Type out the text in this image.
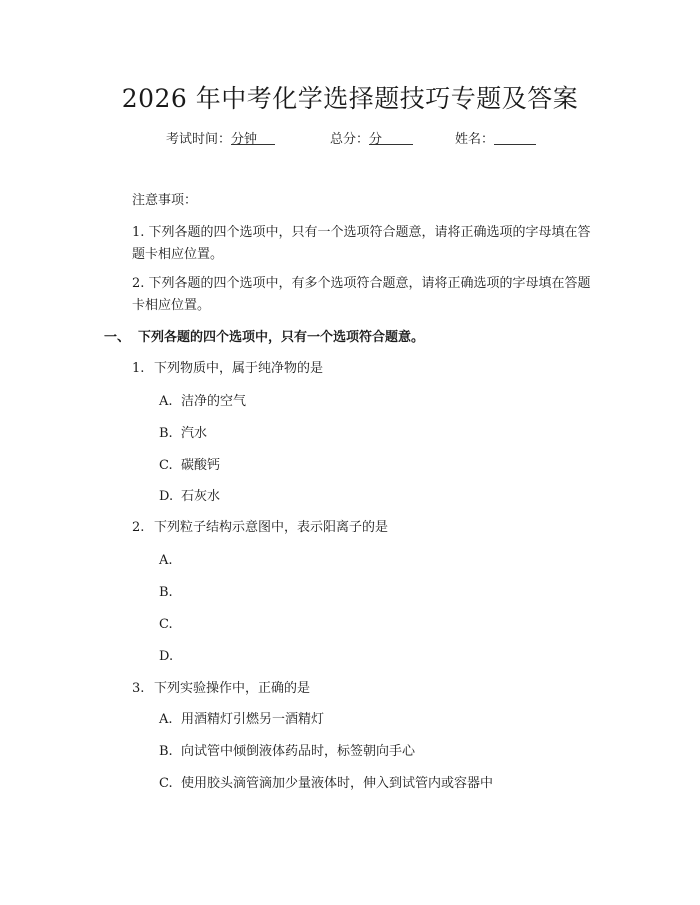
2026 年中考化学选择题技巧专题及答案
考试时间：
分钟	总分：
分	姓名：
注意事项：
1. 下列各题的四个选项中，只有一个选项符合题意，请将正确选项的字母填在答题卡相应位置。
2. 下列各题的四个选项中，有多个选项符合题意，请将正确选项的字母填在答题卡相应位置。
一、 下列各题的四个选项中，只有一个选项符合题意。
1. 下列物质中，属于纯净物的是
A. 洁净的空气
B. 汽水
C. 碳酸钙
D. 石灰水
2. 下列粒子结构示意图中，表示阳离子的是
A.
B.
C.
D.
3. 下列实验操作中，正确的是
A. 用酒精灯引燃另一酒精灯
B. 向试管中倾倒液体药品时，标签朝向手心
C. 使用胶头滴管滴加少量液体时，伸入到试管内或容器中
